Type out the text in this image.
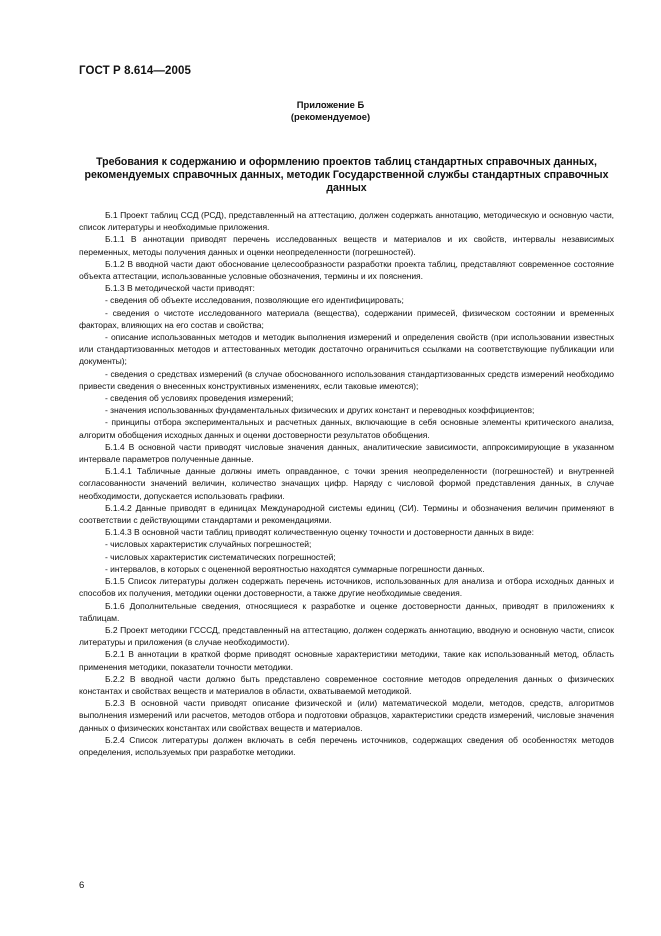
ГОСТ Р 8.614—2005
Приложение Б
(рекомендуемое)
Требования к содержанию и оформлению проектов таблиц стандартных справочных данных, рекомендуемых справочных данных, методик Государственной службы стандартных справочных данных

Б.1 Проект таблиц ССД (РСД), представленный на аттестацию, должен содержать аннотацию, методическую и основную части, список литературы и необходимые приложения.

Б.1.1 В аннотации приводят перечень исследованных веществ и материалов и их свойств, интервалы независимых переменных, методы получения данных и оценки неопределенности (погрешностей).

Б.1.2 В вводной части дают обоснование целесообразности разработки проекта таблиц, представляют современное состояние объекта аттестации, использованные условные обозначения, термины и их пояснения.

Б.1.3 В методической части приводят:

- сведения об объекте исследования, позволяющие его идентифицировать;

- сведения о чистоте исследованного материала (вещества), содержании примесей, физическом состоянии и временных факторах, влияющих на его состав и свойства;

- описание использованных методов и методик выполнения измерений и определения свойств (при использовании известных или стандартизованных методов и аттестованных методик достаточно ограничиться ссылками на соответствующие публикации или документы);

- сведения о средствах измерений (в случае обоснованного использования стандартизованных средств измерений необходимо привести сведения о внесенных конструктивных изменениях, если таковые имеются);

- сведения об условиях проведения измерений;

- значения использованных фундаментальных физических и других констант и переводных коэффициентов;

- принципы отбора экспериментальных и расчетных данных, включающие в себя основные элементы критического анализа, алгоритм обобщения исходных данных и оценки достоверности результатов обобщения.

Б.1.4 В основной части приводят числовые значения данных, аналитические зависимости, аппроксимирующие в указанном интервале параметров полученные данные.

Б.1.4.1 Табличные данные должны иметь оправданное, с точки зрения неопределенности (погрешностей) и внутренней согласованности значений величин, количество значащих цифр. Наряду с числовой формой представления данных, в случае необходимости, допускается использовать графики.

Б.1.4.2 Данные приводят в единицах Международной системы единиц (СИ). Термины и обозначения величин применяют в соответствии с действующими стандартами и рекомендациями.

Б.1.4.3 В основной части таблиц приводят количественную оценку точности и достоверности данных в виде:

- числовых характеристик случайных погрешностей;

- числовых характеристик систематических погрешностей;

- интервалов, в которых с оцененной вероятностью находятся суммарные погрешности данных.

Б.1.5 Список литературы должен содержать перечень источников, использованных для анализа и отбора исходных данных и способов их получения, методики оценки достоверности, а также другие необходимые сведения.

Б.1.6 Дополнительные сведения, относящиеся к разработке и оценке достоверности данных, приводят в приложениях к таблицам.

Б.2 Проект методики ГСССД, представленный на аттестацию, должен содержать аннотацию, вводную и основную части, список литературы и приложения (в случае необходимости).

Б.2.1 В аннотации в краткой форме приводят основные характеристики методики, такие как использованный метод, область применения методики, показатели точности методики.

Б.2.2 В вводной части должно быть представлено современное состояние методов определения данных о физических константах и свойствах веществ и материалов в области, охватываемой методикой.

Б.2.3 В основной части приводят описание физической и (или) математической модели, методов, средств, алгоритмов выполнения измерений или расчетов, методов отбора и подготовки образцов, характеристики средств измерений, числовые значения данных о физических константах или свойствах веществ и материалов.

Б.2.4 Список литературы должен включать в себя перечень источников, содержащих сведения об особенностях методов определения, используемых при разработке методики.

6
